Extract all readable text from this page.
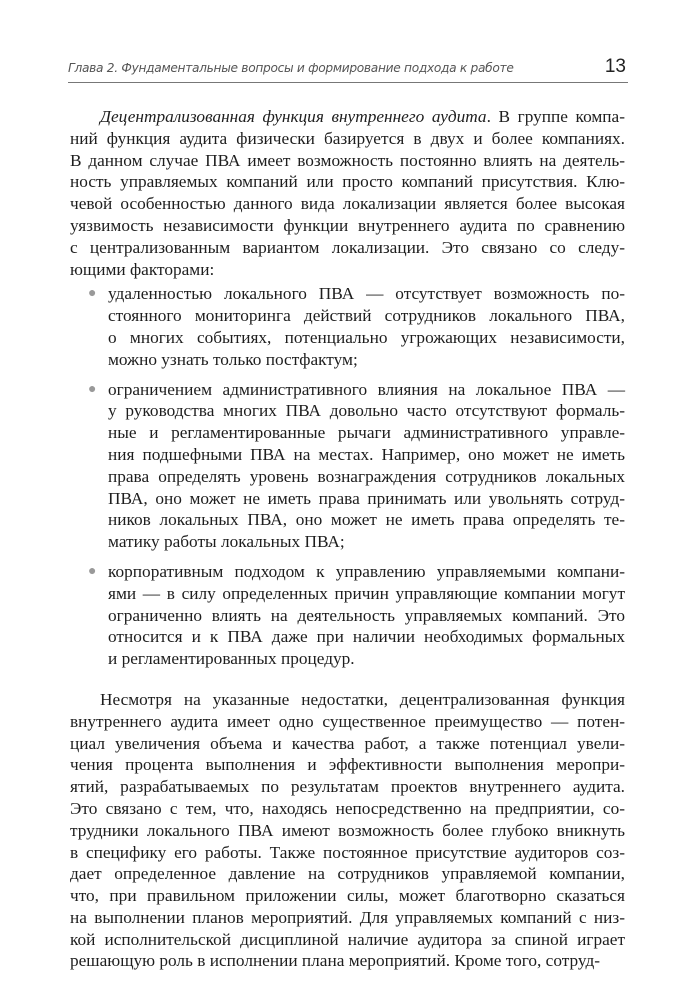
Глава 2. Фундаментальные вопросы и формирование подхода к работе	13
Децентрализованная функция внутреннего аудита. В группе компа-
ний функция аудита физически базируется в двух и более компаниях.
В данном случае ПВА имеет возможность постоянно влиять на деятель-
ность управляемых компаний или просто компаний присутствия. Клю-
чевой особенностью данного вида локализации является более высокая
уязвимость независимости функции внутреннего аудита по сравнению
с централизованным вариантом локализации. Это связано со следу-
ющими факторами:
● удаленностью локального ПВА — отсутствует возможность по-
стоянного мониторинга действий сотрудников локального ПВА,
о многих событиях, потенциально угрожающих независимости,
можно узнать только постфактум;
● ограничением административного влияния на локальное ПВА —
у руководства многих ПВА довольно часто отсутствуют формаль-
ные и регламентированные рычаги административного управле-
ния подшефными ПВА на местах. Например, оно может не иметь
права определять уровень вознаграждения сотрудников локальных
ПВА, оно может не иметь права принимать или увольнять сотруд-
ников локальных ПВА, оно может не иметь права определять те-
матику работы локальных ПВА;
● корпоративным подходом к управлению управляемыми компани-
ями — в силу определенных причин управляющие компании могут
ограниченно влиять на деятельность управляемых компаний. Это
относится и к ПВА даже при наличии необходимых формальных
и регламентированных процедур.
Несмотря на указанные недостатки, децентрализованная функция
внутреннего аудита имеет одно существенное преимущество — потен-
циал увеличения объема и качества работ, а также потенциал увели-
чения процента выполнения и эффективности выполнения меропри-
ятий, разрабатываемых по результатам проектов внутреннего аудита.
Это связано с тем, что, находясь непосредственно на предприятии, со-
трудники локального ПВА имеют возможность более глубоко вникнуть
в специфику его работы. Также постоянное присутствие аудиторов соз-
дает определенное давление на сотрудников управляемой компании,
что, при правильном приложении силы, может благотворно сказаться
на выполнении планов мероприятий. Для управляемых компаний с низ-
кой исполнительской дисциплиной наличие аудитора за спиной играет
решающую роль в исполнении плана мероприятий. Кроме того, сотруд-
